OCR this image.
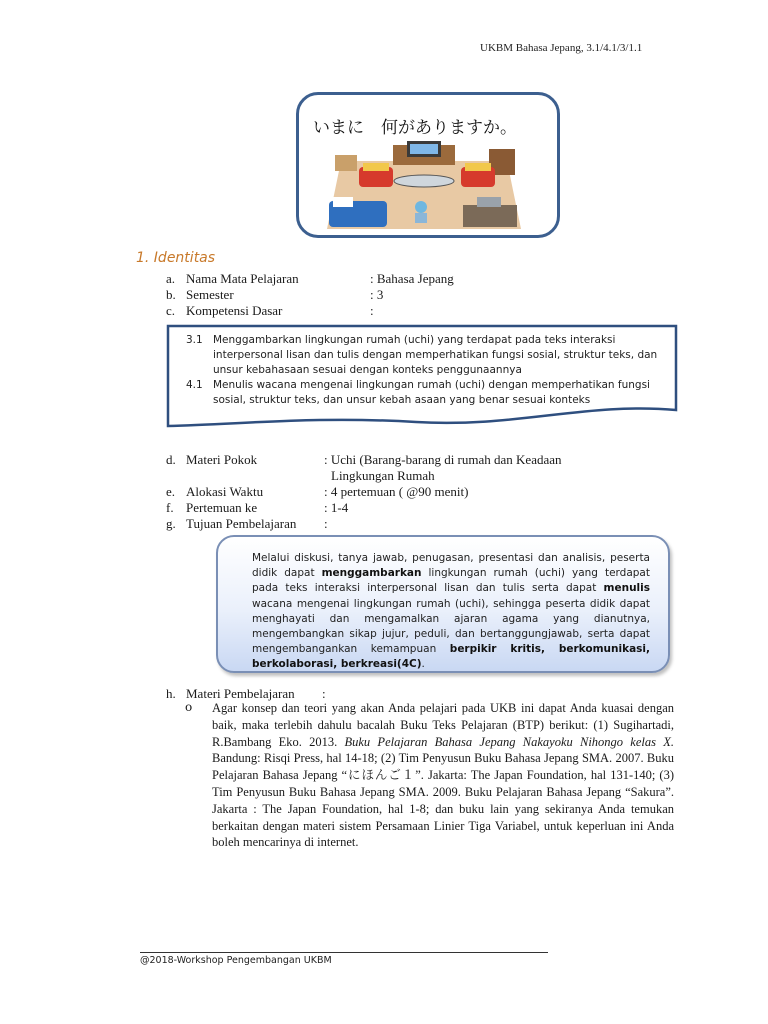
UKBM Bahasa Jepang, 3.1/4.1/3/1.1
いまに　何がありますか。
1. Identitas
a. Nama Mata Pelajaran	: Bahasa Jepang
b. Semester	: 3
c. Kompetensi Dasar	:
3.1 Menggambarkan lingkungan rumah (uchi) yang terdapat pada teks interaksi interpersonal lisan dan tulis dengan memperhatikan fungsi sosial, struktur teks, dan unsur kebahasaan sesuai dengan konteks penggunaannya
4.1 Menulis wacana mengenai lingkungan rumah (uchi) dengan memperhatikan fungsi sosial, struktur teks, dan unsur kebah asaan yang benar sesuai konteks
d. Materi Pokok	: Uchi (Barang-barang di rumah dan Keadaan
Lingkungan Rumah
e. Alokasi Waktu	: 4 pertemuan ( @90 menit)
f. Pertemuan ke	: 1-4
g. Tujuan Pembelajaran :
Melalui diskusi, tanya jawab, penugasan, presentasi dan analisis, peserta didik dapat menggambarkan lingkungan rumah (uchi) yang terdapat pada teks interaksi interpersonal lisan dan tulis serta dapat menulis wacana mengenai lingkungan rumah (uchi), sehingga peserta didik dapat menghayati dan mengamalkan ajaran agama yang dianutnya, mengembangkan sikap jujur, peduli, dan bertanggungjawab, serta dapat mengembangankan kemampuan berpikir kritis, berkomunikasi, berkolaborasi, berkreasi(4C).
h. Materi Pembelajaran :
o Agar konsep dan teori yang akan Anda pelajari pada UKB ini dapat Anda kuasai dengan baik, maka terlebih dahulu bacalah Buku Teks Pelajaran (BTP) berikut: (1) Sugihartadi, R.Bambang Eko. 2013. Buku Pelajaran Bahasa Jepang Nakayoku Nihongo kelas X. Bandung: Risqi Press, hal 14-18; (2) Tim Penyusun Buku Bahasa Jepang SMA. 2007. Buku Pelajaran Bahasa Jepang “にほんご１”. Jakarta: The Japan Foundation, hal 131-140; (3) Tim Penyusun Buku Bahasa Jepang SMA. 2009. Buku Pelajaran Bahasa Jepang “Sakura”. Jakarta : The Japan Foundation, hal 1-8; dan buku lain yang sekiranya Anda temukan berkaitan dengan materi sistem Persamaan Linier Tiga Variabel, untuk keperluan ini Anda boleh mencarinya di internet.
@2018-Workshop Pengembangan UKBM
